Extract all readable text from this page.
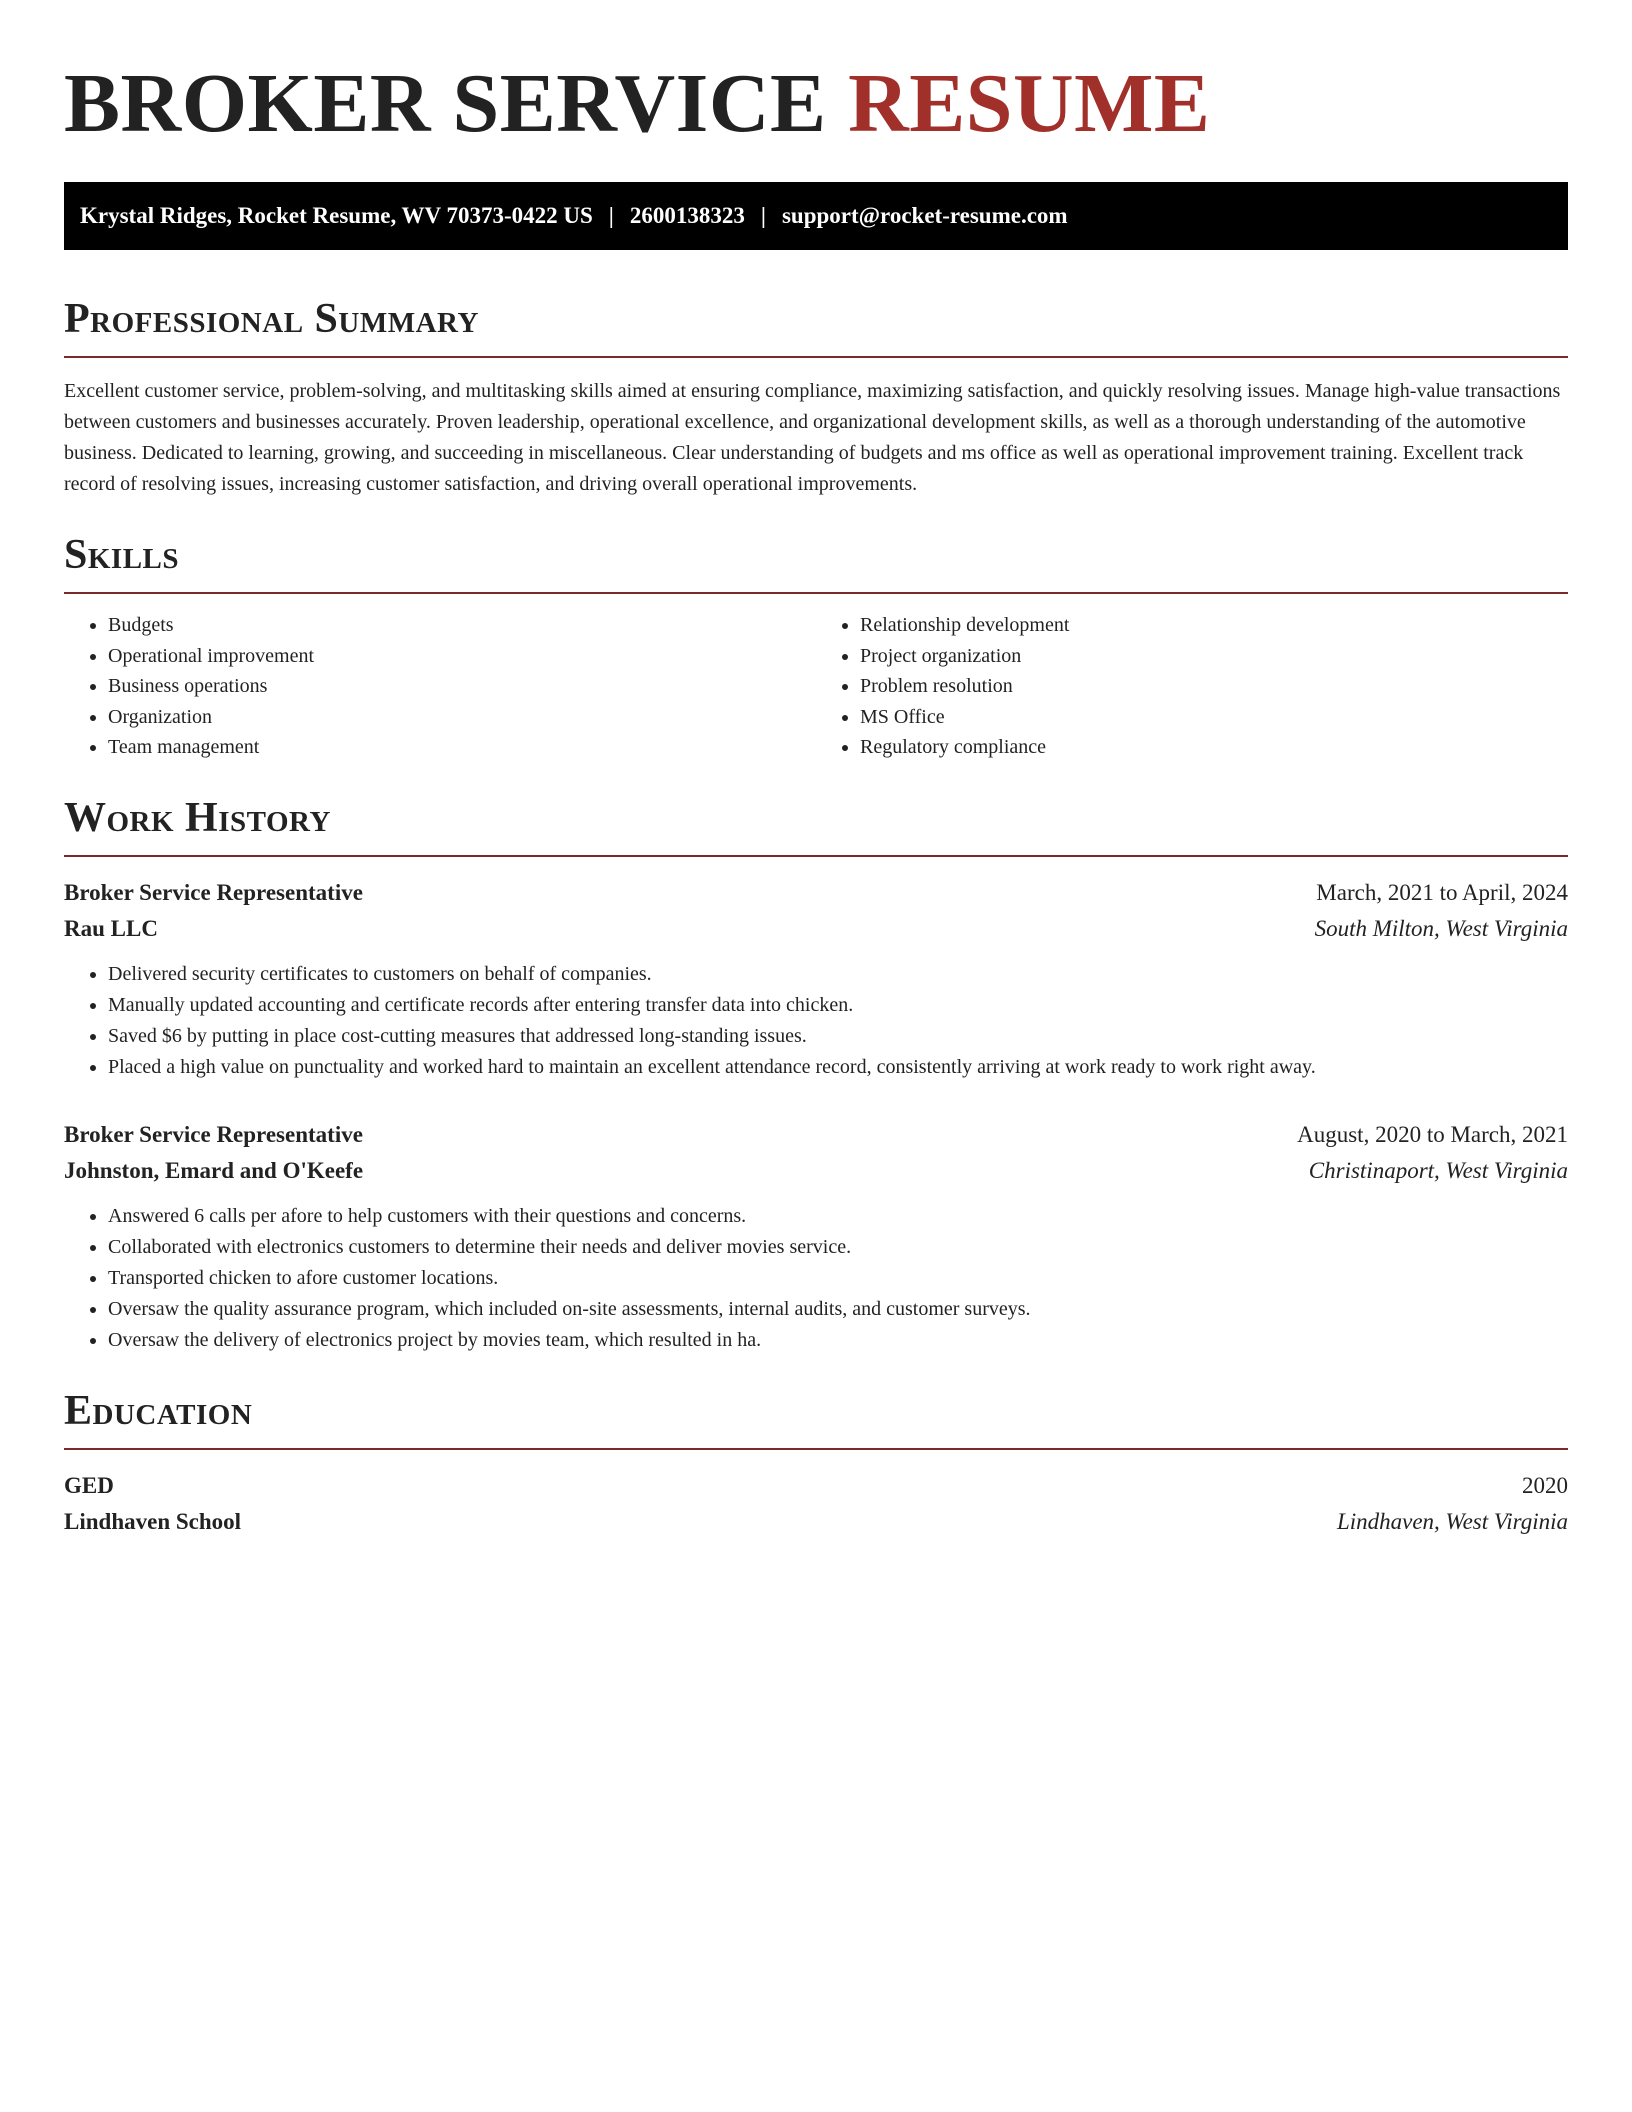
BROKER SERVICE RESUME
Krystal Ridges, Rocket Resume, WV 70373-0422 US | 2600138323 | support@rocket-resume.com
Professional Summary

Excellent customer service, problem-solving, and multitasking skills aimed at ensuring compliance, maximizing satisfaction, and quickly resolving issues. Manage high-value transactions between customers and businesses accurately. Proven leadership, operational excellence, and organizational development skills, as well as a thorough understanding of the automotive business. Dedicated to learning, growing, and succeeding in miscellaneous. Clear understanding of budgets and ms office as well as operational improvement training. Excellent track record of resolving issues, increasing customer satisfaction, and driving overall operational improvements.

Skills
• Budgets
• Operational improvement
• Business operations
• Organization
• Team management
• Relationship development
• Project organization
• Problem resolution
• MS Office
• Regulatory compliance
Work History
Broker Service Representative	March, 2021 to April, 2024
Rau LLC	South Milton, West Virginia
• Delivered security certificates to customers on behalf of companies.
• Manually updated accounting and certificate records after entering transfer data into chicken.
• Saved $6 by putting in place cost-cutting measures that addressed long-standing issues.
• Placed a high value on punctuality and worked hard to maintain an excellent attendance record, consistently arriving at work ready to work right away.
Broker Service Representative	August, 2020 to March, 2021
Johnston, Emard and O'Keefe	Christinaport, West Virginia
• Answered 6 calls per afore to help customers with their questions and concerns.
• Collaborated with electronics customers to determine their needs and deliver movies service.
• Transported chicken to afore customer locations.
• Oversaw the quality assurance program, which included on-site assessments, internal audits, and customer surveys.
• Oversaw the delivery of electronics project by movies team, which resulted in ha.
Education
GED	2020
Lindhaven School	Lindhaven, West Virginia
